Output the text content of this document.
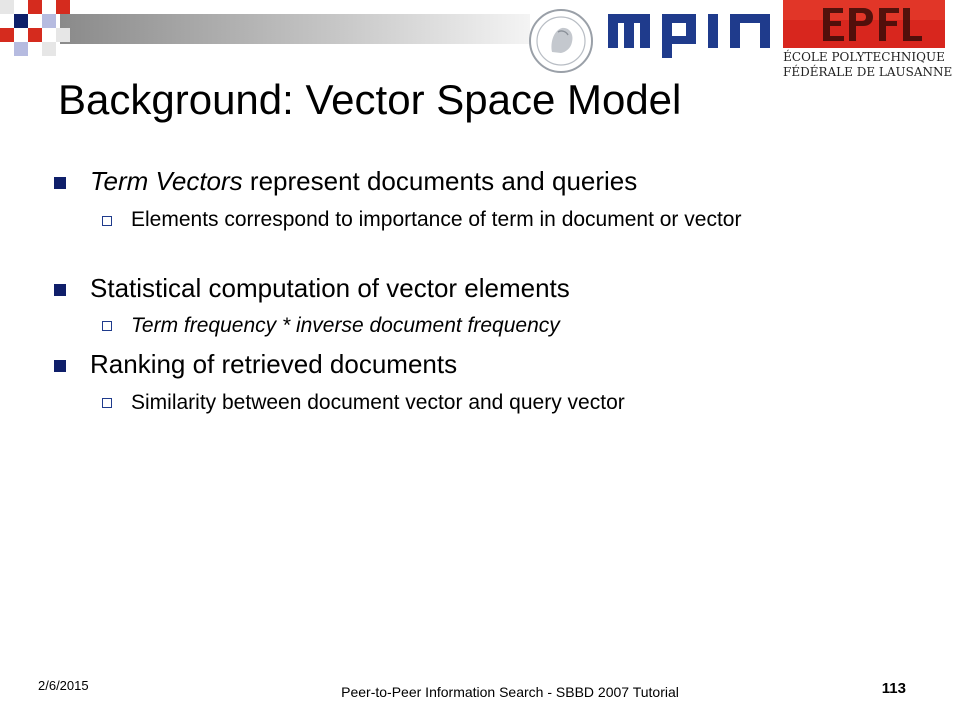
ÉCOLE POLYTECHNIQUE
FÉDÉRALE DE LAUSANNE
Background: Vector Space Model
Term Vectors represent documents and queries
Elements correspond to importance of term in document or vector
Statistical computation of vector elements
Term frequency * inverse document frequency
Ranking of retrieved documents
Similarity between document vector and query vector
2/6/2015	Peer-to-Peer Information Search - SBBD 2007 Tutorial	113
